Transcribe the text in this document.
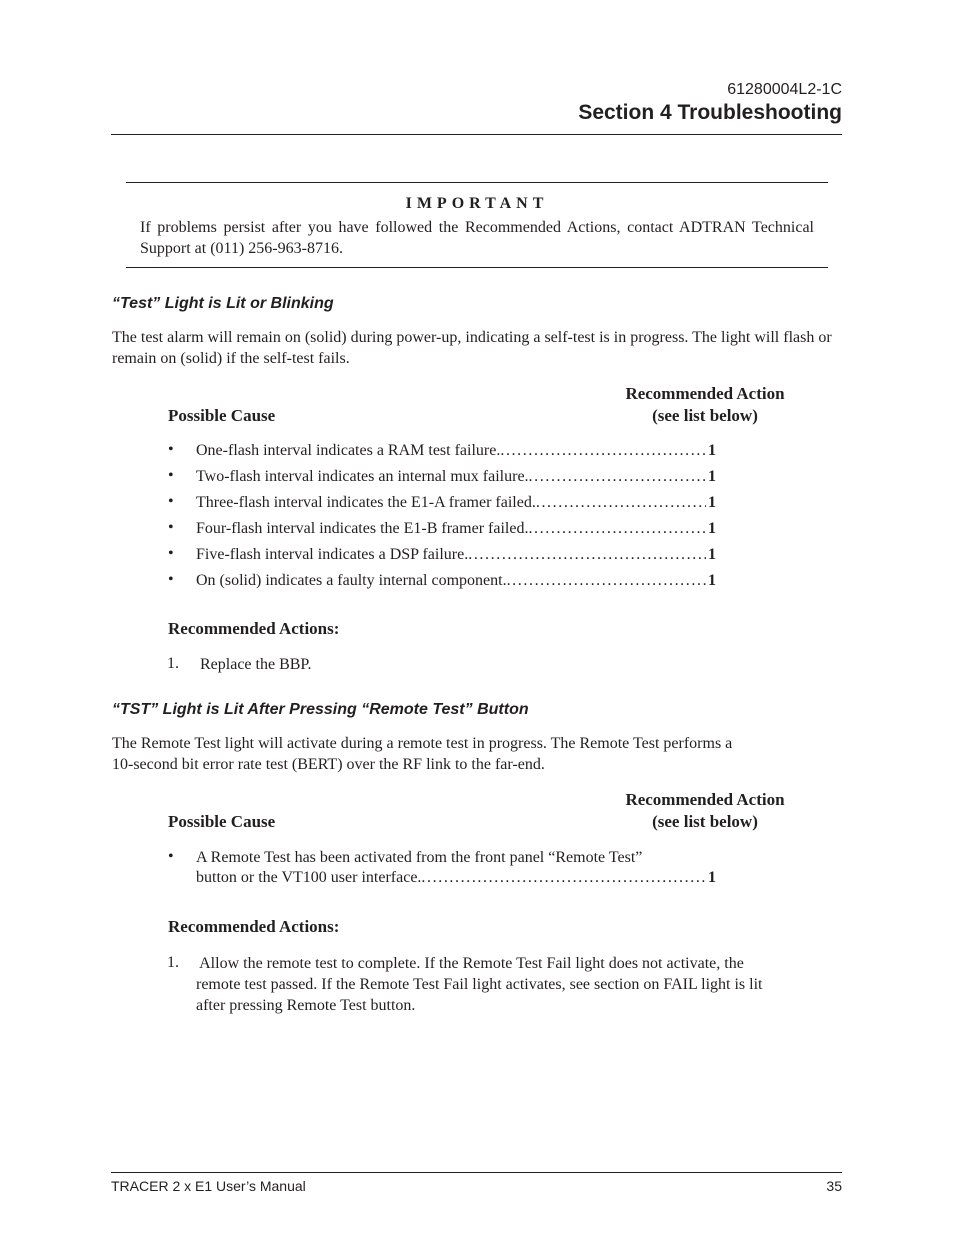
61280004L2-1C
Section 4 Troubleshooting
IMPORTANT
If problems persist after you have followed the Recommended Actions, contact ADTRAN Technical Support at (011) 256-963-8716.
“Test” Light is Lit or Blinking
The test alarm will remain on (solid) during power-up, indicating a self-test is in progress. The light will flash or remain on (solid) if the self-test fails.
Recommended Action
(see list below)
Possible Cause
• One-flash interval indicates a RAM test failure. . . .	1
• Two-flash interval indicates an internal mux failure. . . .	1
• Three-flash interval indicates the E1-A framer failed. . . .	1
• Four-flash interval indicates the E1-B framer failed. . . .	1
• Five-flash interval indicates a DSP failure. . . .	1
• On (solid) indicates a faulty internal component. . . .	1
Recommended Actions:
1. Replace the BBP.
“TST” Light is Lit After Pressing “Remote Test” Button
The Remote Test light will activate during a remote test in progress. The Remote Test performs a
10-second bit error rate test (BERT) over the RF link to the far-end.
Recommended Action
(see list below)
Possible Cause
• A Remote Test has been activated from the front panel “Remote Test”
button or the VT100 user interface. . . .	1
Recommended Actions:
1. Allow the remote test to complete. If the Remote Test Fail light does not activate, the
remote test passed. If the Remote Test Fail light activates, see section on FAIL light is lit
after pressing Remote Test button.
TRACER 2 x E1 User’s Manual	35
